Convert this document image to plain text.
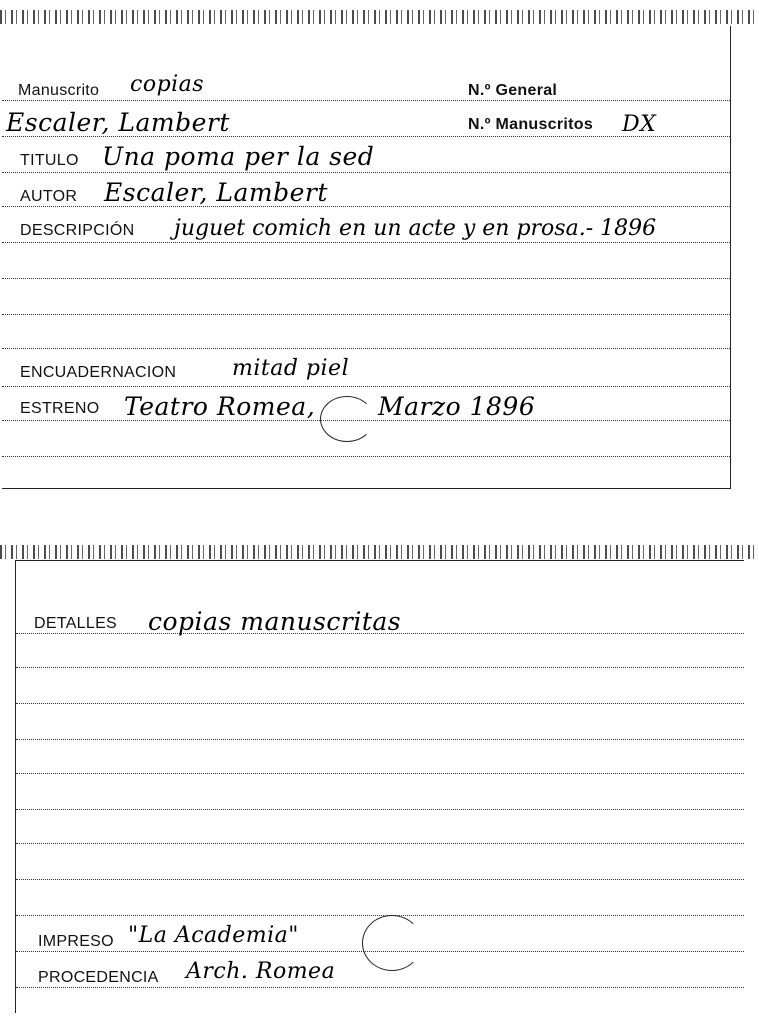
Manuscrito copias	N.º General
Escaler, Lambert	N.º Manuscritos DX
TITULO Una poma per la sed
AUTOR Escaler, Lambert
DESCRIPCIÓN juguet comich en un acte y en prosa.- 1896
ENCUADERNACION	mitad piel
ESTRENO Teatro Romea,	Marzo 1896
DETALLES copias manuscritas
IMPRESO "La Academia"
PROCEDENCIA Arch. Romea
